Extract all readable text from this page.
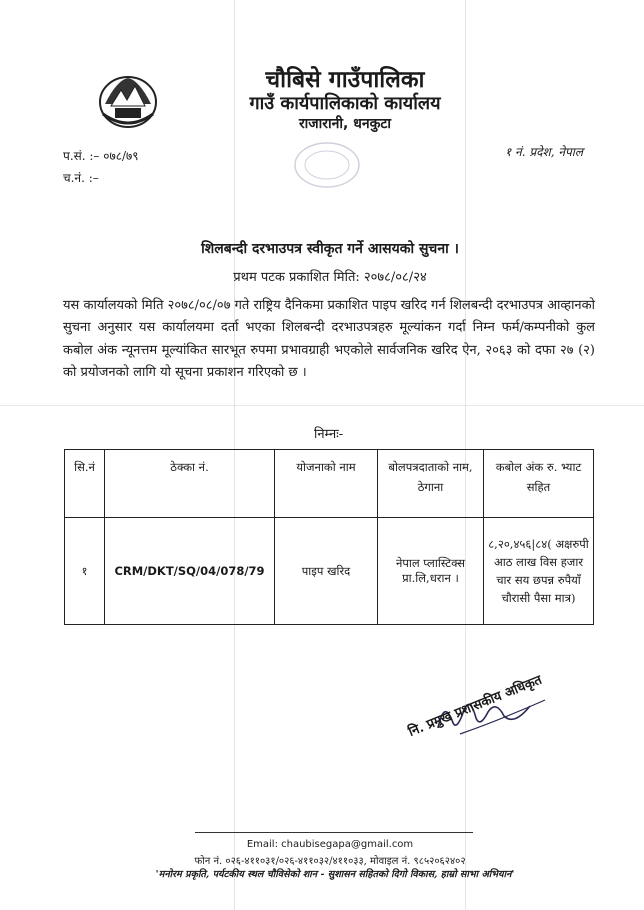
चौबिसे गाउँपालिका
गाउँ कार्यपालिकाको कार्यालय
राजारानी, धनकुटा
प.सं. :– ०७८/७९
च.नं. :–
१ नं. प्रदेश, नेपाल
शिलबन्दी दरभाउपत्र स्वीकृत गर्ने आसयको सुचना ।
प्रथम पटक प्रकाशित मिति: २०७८/०८/२४
यस कार्यालयको मिति २०७८/०८/०७ गते राष्ट्रिय दैनिकमा प्रकाशित पाइप खरिद गर्न शिलबन्दी दरभाउपत्र आव्हानको सुचना अनुसार यस कार्यालयमा दर्ता भएका शिलबन्दी दरभाउपत्रहरु मूल्यांकन गर्दा निम्न फर्म/कम्पनीको कुल कबोल अंक न्यूनत्तम मूल्यांकित सारभूत रुपमा प्रभावग्राही भएकोले सार्वजनिक खरिद ऐन, २०६३ को दफा २७ (२) को प्रयोजनको लागि यो सूचना प्रकाशन गरिएको छ ।
निम्नः-
सि.नं	ठेक्का नं.	योजनाको नाम	बोलपत्रदाताको नाम, ठेगाना	कबोल अंक रु. भ्याट सहित
१	CRM/DKT/SQ/04/078/79	पाइप खरिद	नेपाल प्लास्टिक्स प्रा.लि,धरान ।	८,२०,४५६|८४( अक्षरुपी आठ लाख विस हजार चार सय छपन्न रुपैयाँ चौरासी पैसा मात्र)
नि. प्रमुख प्रशासकीय अधिकृत
Email: chaubisegapa@gmail.com
फोन नं. ०२६-४११०३१/०२६-४११०३२/४११०३३, मोवाइल नं. ९८५२०६२४०२
'मनोरम प्रकृति, पर्यटकीय स्थल चौविसेको शान - सुशासन सहितको दिगो विकास, हाम्रो साभा अभियान'
